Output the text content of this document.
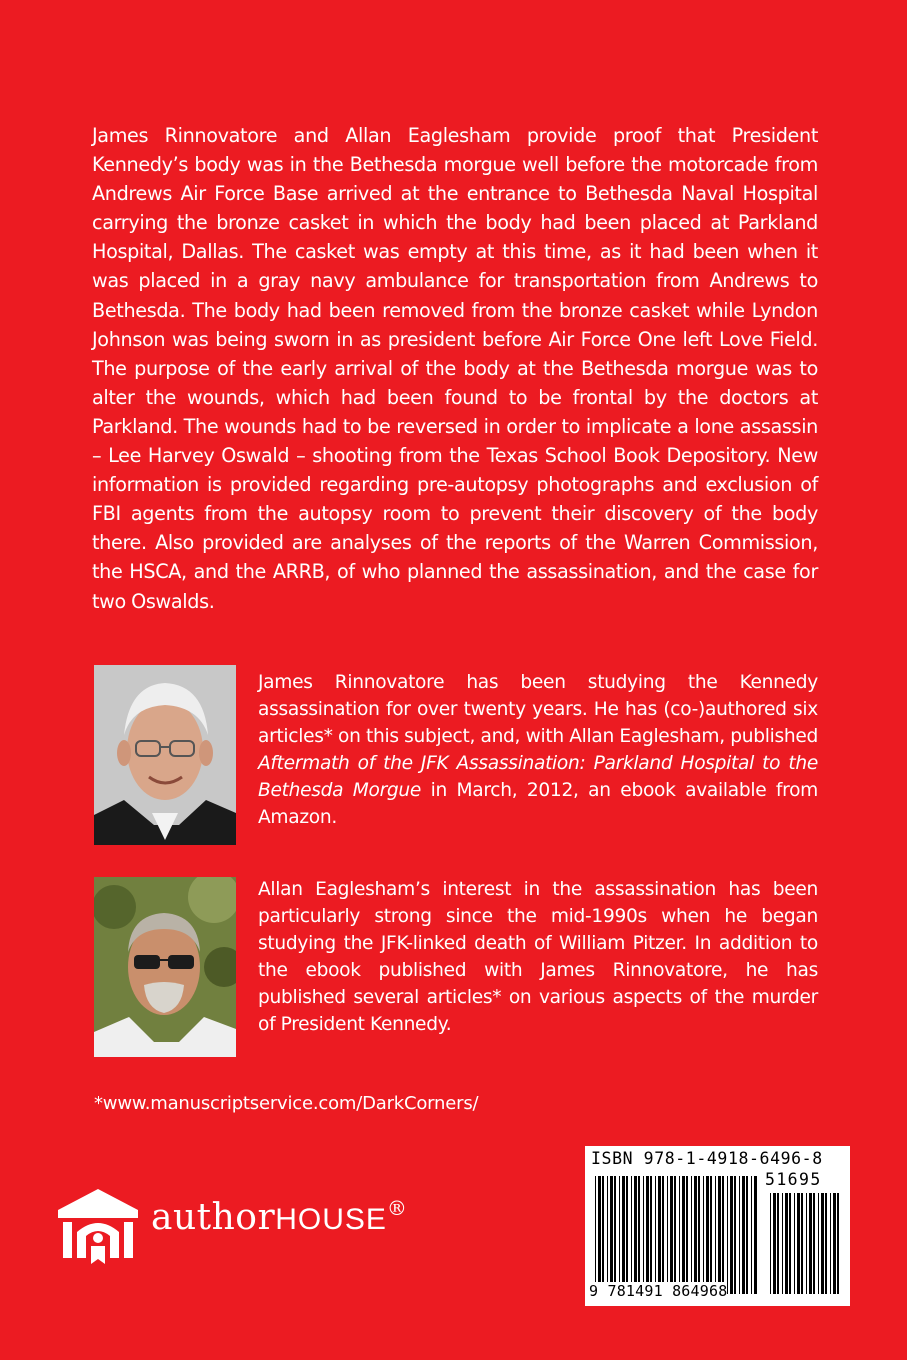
James Rinnovatore and Allan Eaglesham provide proof that President Kennedy’s body was in the Bethesda morgue well before the motorcade from Andrews Air Force Base arrived at the entrance to Bethesda Naval Hospital carrying the bronze casket in which the body had been placed at Parkland Hospital, Dallas. The casket was empty at this time, as it had been when it was placed in a gray navy ambulance for transportation from Andrews to Bethesda. The body had been removed from the bronze casket while Lyndon Johnson was being sworn in as president before Air Force One left Love Field. The purpose of the early arrival of the body at the Bethesda morgue was to alter the wounds, which had been found to be frontal by the doctors at Parkland. The wounds had to be reversed in order to implicate a lone assassin – Lee Harvey Oswald – shooting from the Texas School Book Depository. New information is provided regarding pre-autopsy photographs and exclusion of FBI agents from the autopsy room to prevent their discovery of the body there. Also provided are analyses of the reports of the Warren Commission, the HSCA, and the ARRB, of who planned the assassination, and the case for two Oswalds.

James Rinnovatore has been studying the Kennedy assassination for over twenty years. He has (co-)authored six articles* on this subject, and, with Allan Eaglesham, published Aftermath of the JFK Assassination: Parkland Hospital to the Bethesda Morgue in March, 2012, an ebook available from Amazon.

Allan Eaglesham’s interest in the assassination has been particularly strong since the mid-1990s when he began studying the JFK-linked death of William Pitzer. In addition to the ebook published with James Rinnovatore, he has published several articles* on various aspects of the murder of President Kennedy.

*www.manuscriptservice.com/DarkCorners/

authorHOUSE®
ISBN 978-1-4918-6496-8
51695
9 781491 864968
